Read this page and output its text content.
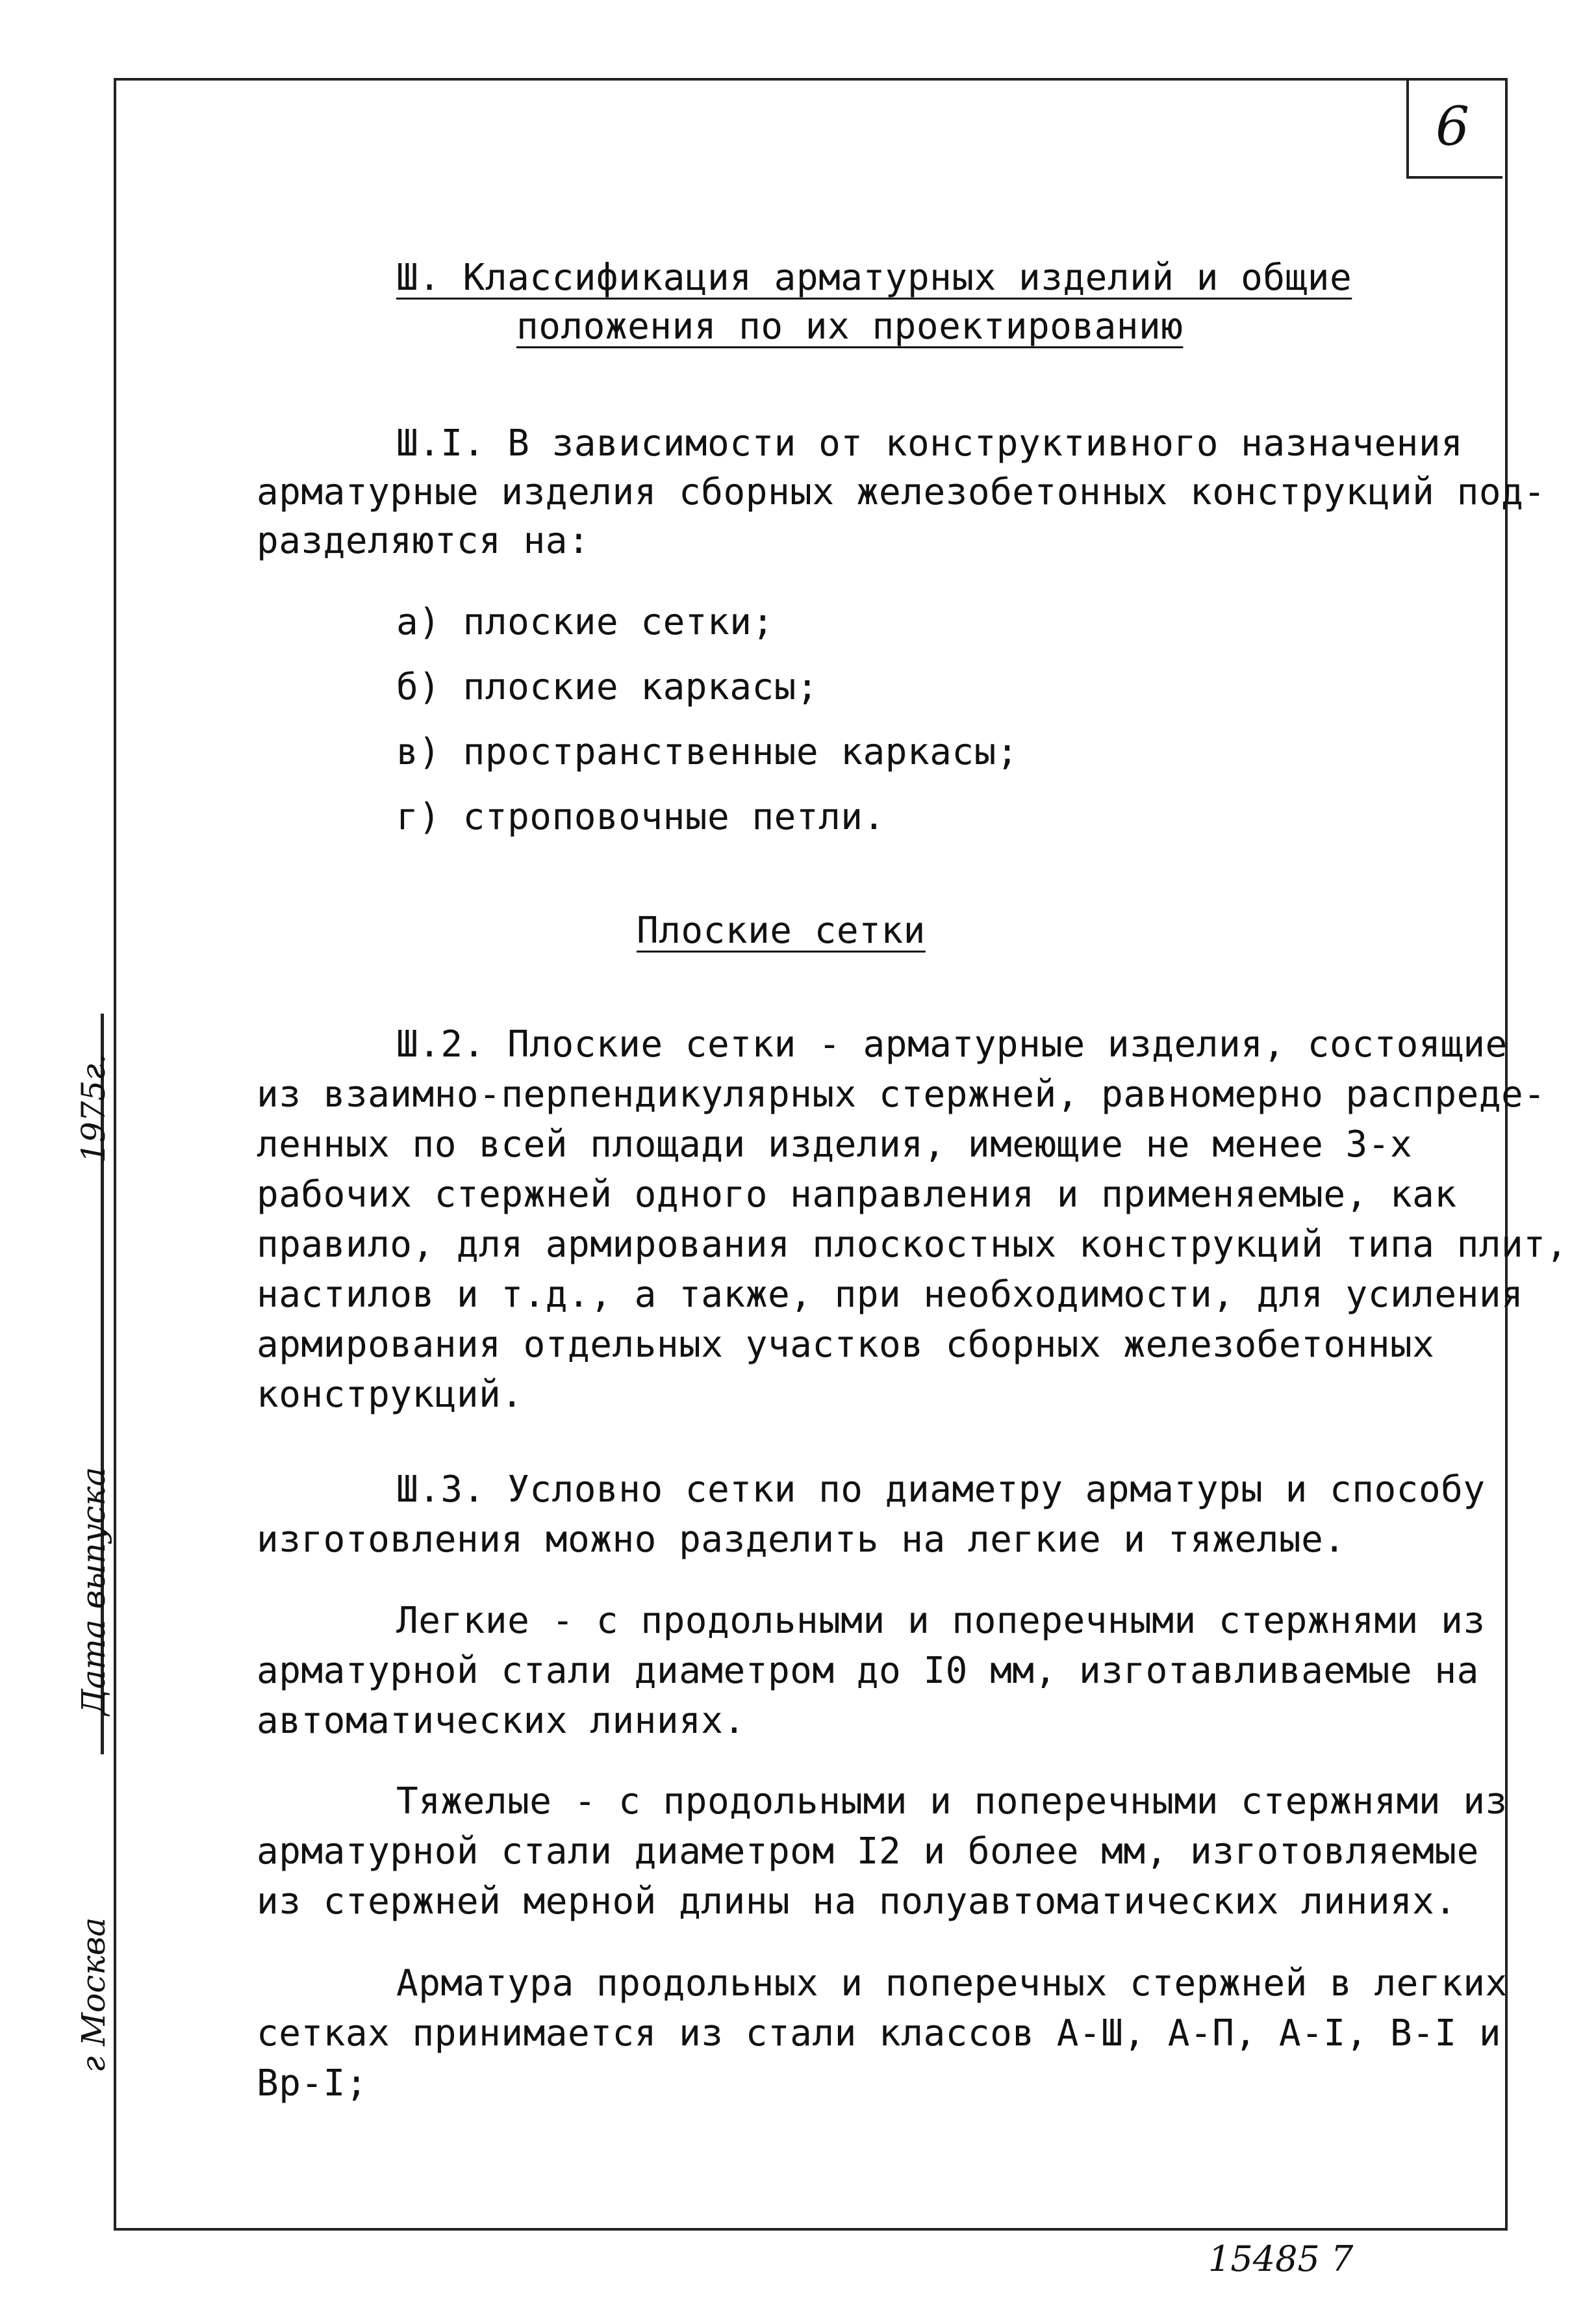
6
Ш. Классификация арматурных изделий и общие
положения по их проектированию
Ш.I. В зависимости от конструктивного назначения
арматурные изделия сборных железобетонных конструкций под-
разделяются на:
а) плоские сетки;
б) плоские каркасы;
в) пространственные каркасы;
г) строповочные петли.
Плоские сетки
Ш.2. Плоские сетки - арматурные изделия, состоящие
из взаимно-перпендикулярных стержней, равномерно распреде-
ленных по всей площади изделия, имеющие не менее 3-х
рабочих стержней одного направления и применяемые, как
правило, для армирования плоскостных конструкций типа плит,
настилов и т.д., а также, при необходимости, для усиления
армирования отдельных участков сборных железобетонных
конструкций.
Ш.3. Условно сетки по диаметру арматуры и способу
изготовления можно разделить на легкие и тяжелые.
Легкие - с продольными и поперечными стержнями из
арматурной стали диаметром до I0 мм, изготавливаемые на
автоматических линиях.
Тяжелые - с продольными и поперечными стержнями из
арматурной стали диаметром I2 и более мм, изготовляемые
из стержней мерной длины на полуавтоматических линиях.
Арматура продольных и поперечных стержней в легких
сетках принимается из стали классов А-Ш, А-П, А-I, В-I и
Вр-I;
1975г.
Дата выпуска
г Москва
15485 7
